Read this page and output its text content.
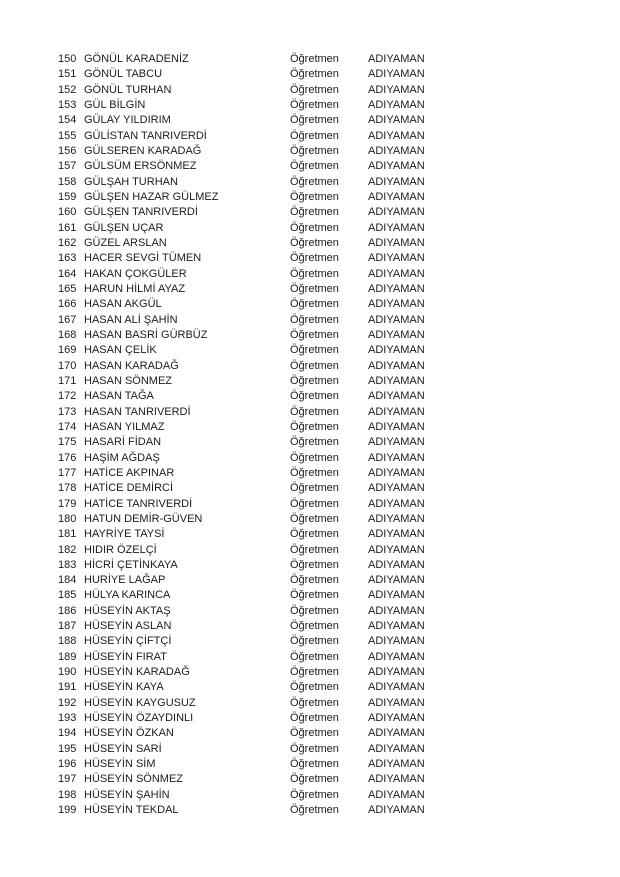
150 GÖNÜL KARADENİZ	Öğretmen	ADIYAMAN
151 GÖNÜL TABCU	Öğretmen	ADIYAMAN
152 GÖNÜL TURHAN	Öğretmen	ADIYAMAN
153 GÜL BİLGİN	Öğretmen	ADIYAMAN
154 GÜLAY YILDIRIM	Öğretmen	ADIYAMAN
155 GÜLİSTAN TANRIVERDİ	Öğretmen	ADIYAMAN
156 GÜLSEREN KARADAĞ	Öğretmen	ADIYAMAN
157 GÜLSÜM ERSÖNMEZ	Öğretmen	ADIYAMAN
158 GÜLŞAH TURHAN	Öğretmen	ADIYAMAN
159 GÜLŞEN HAZAR GÜLMEZ	Öğretmen	ADIYAMAN
160 GÜLŞEN TANRIVERDİ	Öğretmen	ADIYAMAN
161 GÜLŞEN UÇAR	Öğretmen	ADIYAMAN
162 GÜZEL ARSLAN	Öğretmen	ADIYAMAN
163 HACER SEVGİ TÜMEN	Öğretmen	ADIYAMAN
164 HAKAN ÇOKGÜLER	Öğretmen	ADIYAMAN
165 HARUN HİLMİ AYAZ	Öğretmen	ADIYAMAN
166 HASAN AKGÜL	Öğretmen	ADIYAMAN
167 HASAN ALİ ŞAHİN	Öğretmen	ADIYAMAN
168 HASAN BASRİ GÜRBÜZ	Öğretmen	ADIYAMAN
169 HASAN ÇELİK	Öğretmen	ADIYAMAN
170 HASAN KARADAĞ	Öğretmen	ADIYAMAN
171 HASAN SÖNMEZ	Öğretmen	ADIYAMAN
172 HASAN TAĞA	Öğretmen	ADIYAMAN
173 HASAN TANRIVERDİ	Öğretmen	ADIYAMAN
174 HASAN YILMAZ	Öğretmen	ADIYAMAN
175 HASARİ FİDAN	Öğretmen	ADIYAMAN
176 HAŞİM AĞDAŞ	Öğretmen	ADIYAMAN
177 HATİCE AKPINAR	Öğretmen	ADIYAMAN
178 HATİCE DEMİRCİ	Öğretmen	ADIYAMAN
179 HATİCE TANRIVERDİ	Öğretmen	ADIYAMAN
180 HATUN DEMİR-GÜVEN	Öğretmen	ADIYAMAN
181 HAYRİYE TAYSİ	Öğretmen	ADIYAMAN
182 HIDIR ÖZELÇİ	Öğretmen	ADIYAMAN
183 HİCRİ ÇETİNKAYA	Öğretmen	ADIYAMAN
184 HURİYE LAĞAP	Öğretmen	ADIYAMAN
185 HÜLYA KARINCA	Öğretmen	ADIYAMAN
186 HÜSEYİN AKTAŞ	Öğretmen	ADIYAMAN
187 HÜSEYİN ASLAN	Öğretmen	ADIYAMAN
188 HÜSEYİN ÇİFTÇİ	Öğretmen	ADIYAMAN
189 HÜSEYİN FIRAT	Öğretmen	ADIYAMAN
190 HÜSEYİN KARADAĞ	Öğretmen	ADIYAMAN
191 HÜSEYİN KAYA	Öğretmen	ADIYAMAN
192 HÜSEYİN KAYGUSUZ	Öğretmen	ADIYAMAN
193 HÜSEYİN ÖZAYDINLI	Öğretmen	ADIYAMAN
194 HÜSEYİN ÖZKAN	Öğretmen	ADIYAMAN
195 HÜSEYİN SARİ	Öğretmen	ADIYAMAN
196 HÜSEYİN SİM	Öğretmen	ADIYAMAN
197 HÜSEYİN SÖNMEZ	Öğretmen	ADIYAMAN
198 HÜSEYİN ŞAHİN	Öğretmen	ADIYAMAN
199 HÜSEYİN TEKDAL	Öğretmen	ADIYAMAN
